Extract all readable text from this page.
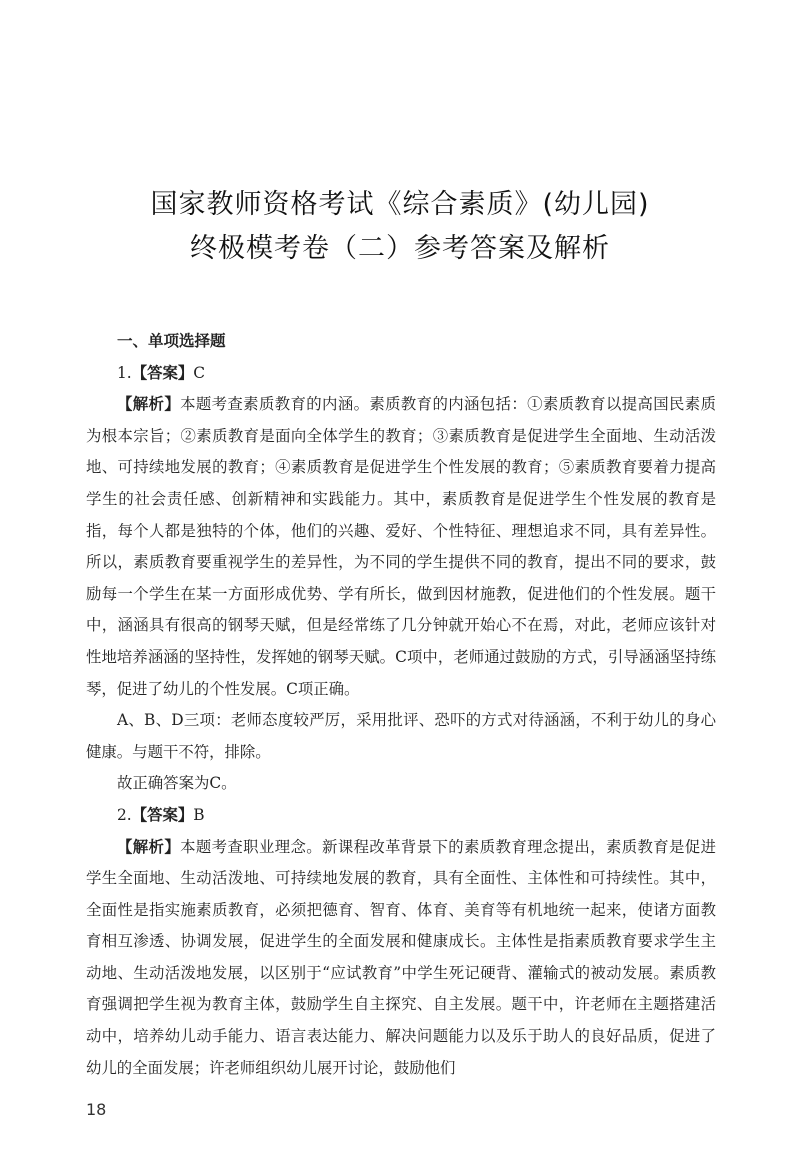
国家教师资格考试《综合素质》(幼儿园)
终极模考卷（二）参考答案及解析

一、单项选择题

1.【答案】C

【解析】本题考查素质教育的内涵。素质教育的内涵包括：①素质教育以提高国民素质为根本宗旨；②素质教育是面向全体学生的教育；③素质教育是促进学生全面地、生动活泼地、可持续地发展的教育；④素质教育是促进学生个性发展的教育；⑤素质教育要着力提高学生的社会责任感、创新精神和实践能力。其中，素质教育是促进学生个性发展的教育是指，每个人都是独特的个体，他们的兴趣、爱好、个性特征、理想追求不同，具有差异性。所以，素质教育要重视学生的差异性，为不同的学生提供不同的教育，提出不同的要求，鼓励每一个学生在某一方面形成优势、学有所长，做到因材施教，促进他们的个性发展。题干中，涵涵具有很高的钢琴天赋，但是经常练了几分钟就开始心不在焉，对此，老师应该针对性地培养涵涵的坚持性，发挥她的钢琴天赋。C项中，老师通过鼓励的方式，引导涵涵坚持练琴，促进了幼儿的个性发展。C项正确。

A、B、D三项：老师态度较严厉，采用批评、恐吓的方式对待涵涵，不利于幼儿的身心健康。与题干不符，排除。

故正确答案为C。

2.【答案】B

【解析】本题考查职业理念。新课程改革背景下的素质教育理念提出，素质教育是促进学生全面地、生动活泼地、可持续地发展的教育，具有全面性、主体性和可持续性。其中，全面性是指实施素质教育，必须把德育、智育、体育、美育等有机地统一起来，使诸方面教育相互渗透、协调发展，促进学生的全面发展和健康成长。主体性是指素质教育要求学生主动地、生动活泼地发展，以区别于“应试教育”中学生死记硬背、灌输式的被动发展。素质教育强调把学生视为教育主体，鼓励学生自主探究、自主发展。题干中，许老师在主题搭建活动中，培养幼儿动手能力、语言表达能力、解决问题能力以及乐于助人的良好品质，促进了幼儿的全面发展；许老师组织幼儿展开讨论，鼓励他们

18
